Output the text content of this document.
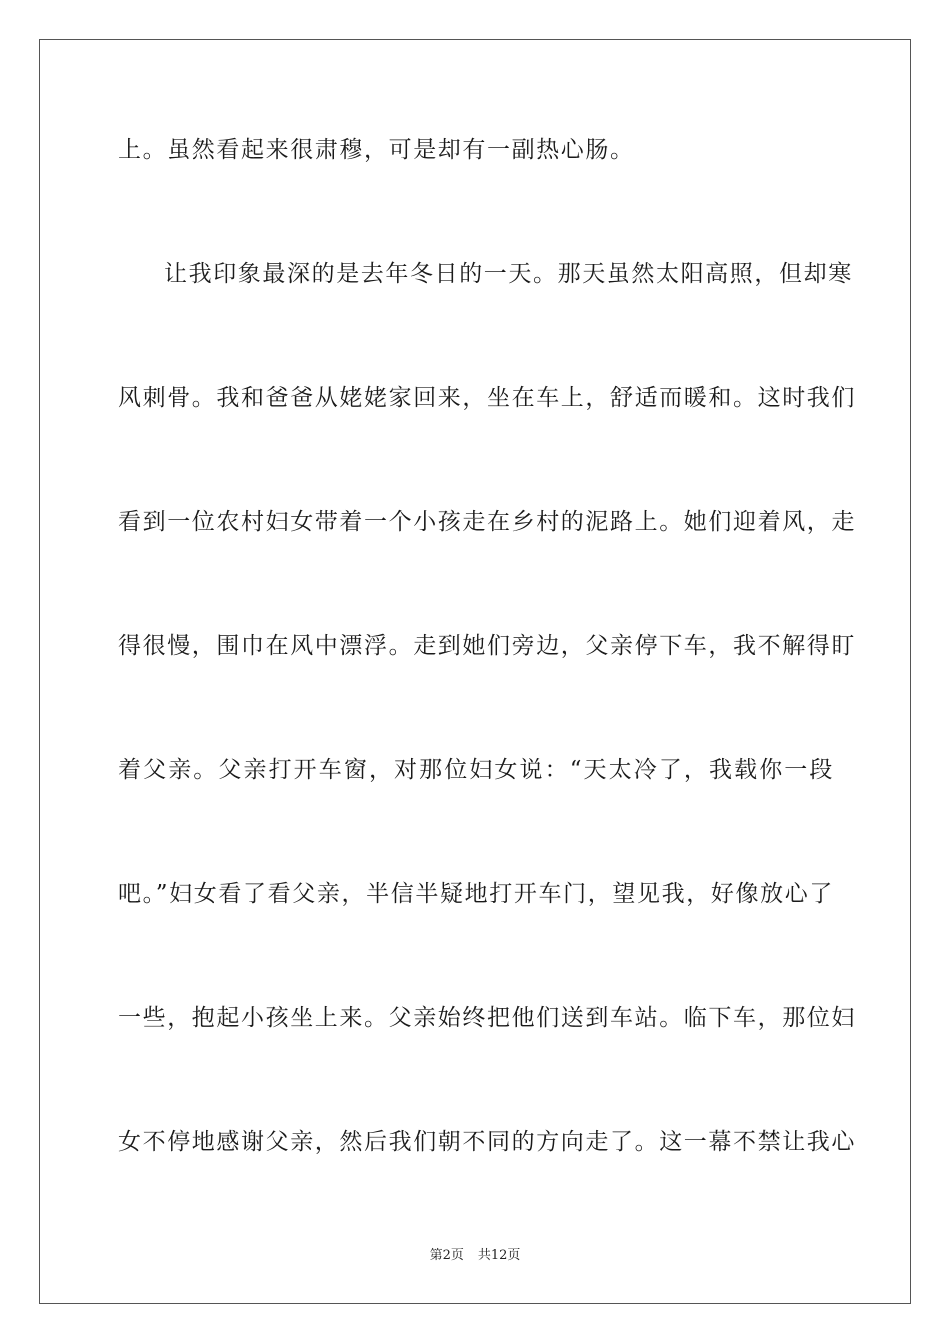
上。虽然看起来很肃穆，可是却有一副热心肠。
让我印象最深的是去年冬日的一天。那天虽然太阳高照，但却寒
风刺骨。我和爸爸从姥姥家回来，坐在车上，舒适而暖和。这时我们
看到一位农村妇女带着一个小孩走在乡村的泥路上。她们迎着风，走
得很慢，围巾在风中漂浮。走到她们旁边，父亲停下车，我不解得盯
着父亲。父亲打开车窗，对那位妇女说：“天太冷了，我载你一段
吧。”妇女看了看父亲，半信半疑地打开车门，望见我，好像放心了
一些，抱起小孩坐上来。父亲始终把他们送到车站。临下车，那位妇
女不停地感谢父亲，然后我们朝不同的方向走了。这一幕不禁让我心
第2页 共12页
